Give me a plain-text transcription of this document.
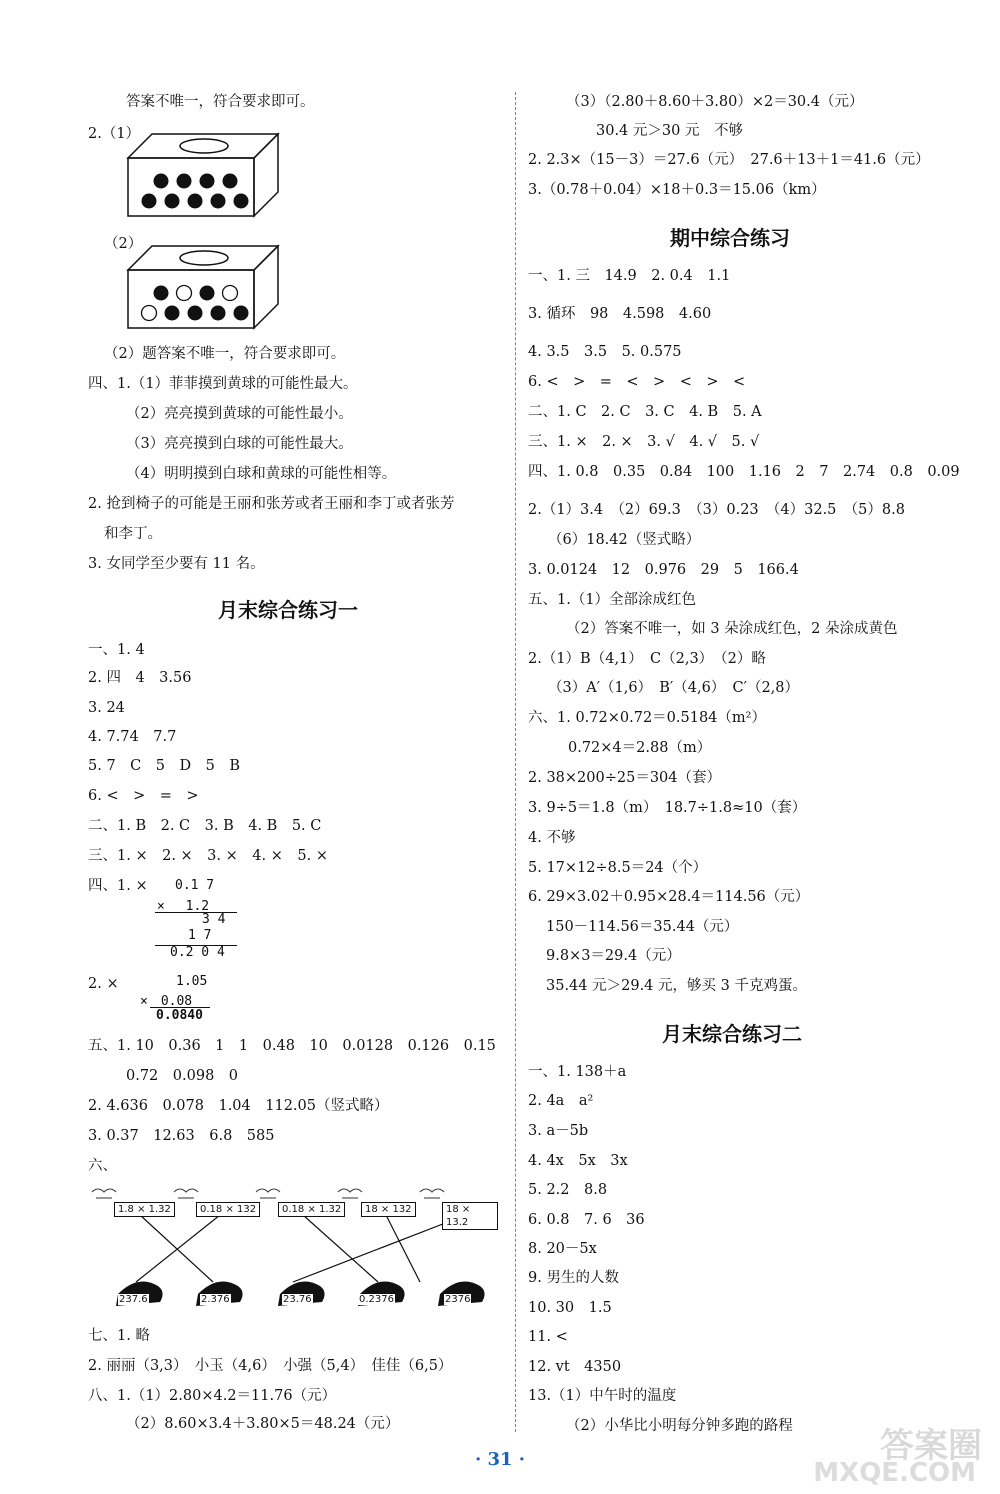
答案不唯一，符合要求即可。
2.（1）
（2）
（2）题答案不唯一，符合要求即可。
四、1.（1）菲菲摸到黄球的可能性最大。
（2）亮亮摸到黄球的可能性最小。
（3）亮亮摸到白球的可能性最大。
（4）明明摸到白球和黄球的可能性相等。
2. 抢到椅子的可能是王丽和张芳或者王丽和李丁或者张芳
和李丁。
3. 女同学至少要有 11 名。
月末综合练习一
一、1. 4
2. 四　4　3.56
3. 24
4. 7.74　7.7
5. 7　C　5　D　5　B
6. <　>　=　>
二、1. B　2. C　3. B　4. B　5. C
三、1. ×　2. ×　3. ×　4. ×　5. ×
四、1. × 0.1 7
× 　1.2
3 4
1 7
0.2 0 4
2. ×	1.05
×　0.08
0.0840
五、1. 10　0.36　1　1　0.48　10　0.0128　0.126　0.15
0.72　0.098　0
2. 4.636　0.078　1.04　112.05（竖式略）
3. 0.37　12.63　6.8　585
六、
1.8 × 1.32	0.18 × 132	0.18 × 1.32	18 × 132	18 × 13.2
237.6	2.376	23.76	0.2376	2376
七、1. 略
2. 丽丽（3,3）　小玉（4,6）　小强（5,4）　佳佳（6,5）
八、1.（1）2.80×4.2＝11.76（元）
（2）8.60×3.4＋3.80×5＝48.24（元）
（3）（2.80＋8.60＋3.80）×2＝30.4（元）
30.4 元＞30 元　不够
2. 2.3×（15－3）＝27.6（元）　27.6＋13＋1＝41.6（元）
3.（0.78＋0.04）×18＋0.3＝15.06（km）
期中综合练习
一、1. 三　14.9　2. 0.4　1.1
3. 循环　98　4.598　4.60
4. 3.5　3.5　5. 0.575
6. <　>　=　<　>　<　>　<
二、1. C　2. C　3. C　4. B　5. A
三、1. ×　2. ×　3. √　4. √　5. √
四、1. 0.8　0.35　0.84　100　1.16　2　7　2.74　0.8　0.09
2.（1）3.4　（2）69.3　（3）0.23　（4）32.5　（5）8.8
（6）18.42（竖式略）
3. 0.0124　12　0.976　29　5　166.4
五、1.（1）全部涂成红色
（2）答案不唯一，如 3 朵涂成红色，2 朵涂成黄色
2.（1）B（4,1）　C（2,3）　（2）略
（3）A′（1,6）　B′（4,6）　C′（2,8）
六、1. 0.72×0.72＝0.5184（m²）
0.72×4＝2.88（m）
2. 38×200÷25＝304（套）
3. 9÷5＝1.8（m）　18.7÷1.8≈10（套）
4. 不够
5. 17×12÷8.5＝24（个）
6. 29×3.02＋0.95×28.4＝114.56（元）
150－114.56＝35.44（元）
9.8×3＝29.4（元）
35.44 元＞29.4 元，够买 3 千克鸡蛋。
月末综合练习二
一、1. 138＋a
2. 4a　a²
3. a－5b
4. 4x　5x　3x
5. 2.2　8.8
6. 0.8　7. 6　36
8. 20－5x
9. 男生的人数
10. 30　1.5
11. <
12. vt　4350
13.（1）中午时的温度
（2）小华比小明每分钟多跑的路程
· 31 ·	答案圈
MXQE.COM
